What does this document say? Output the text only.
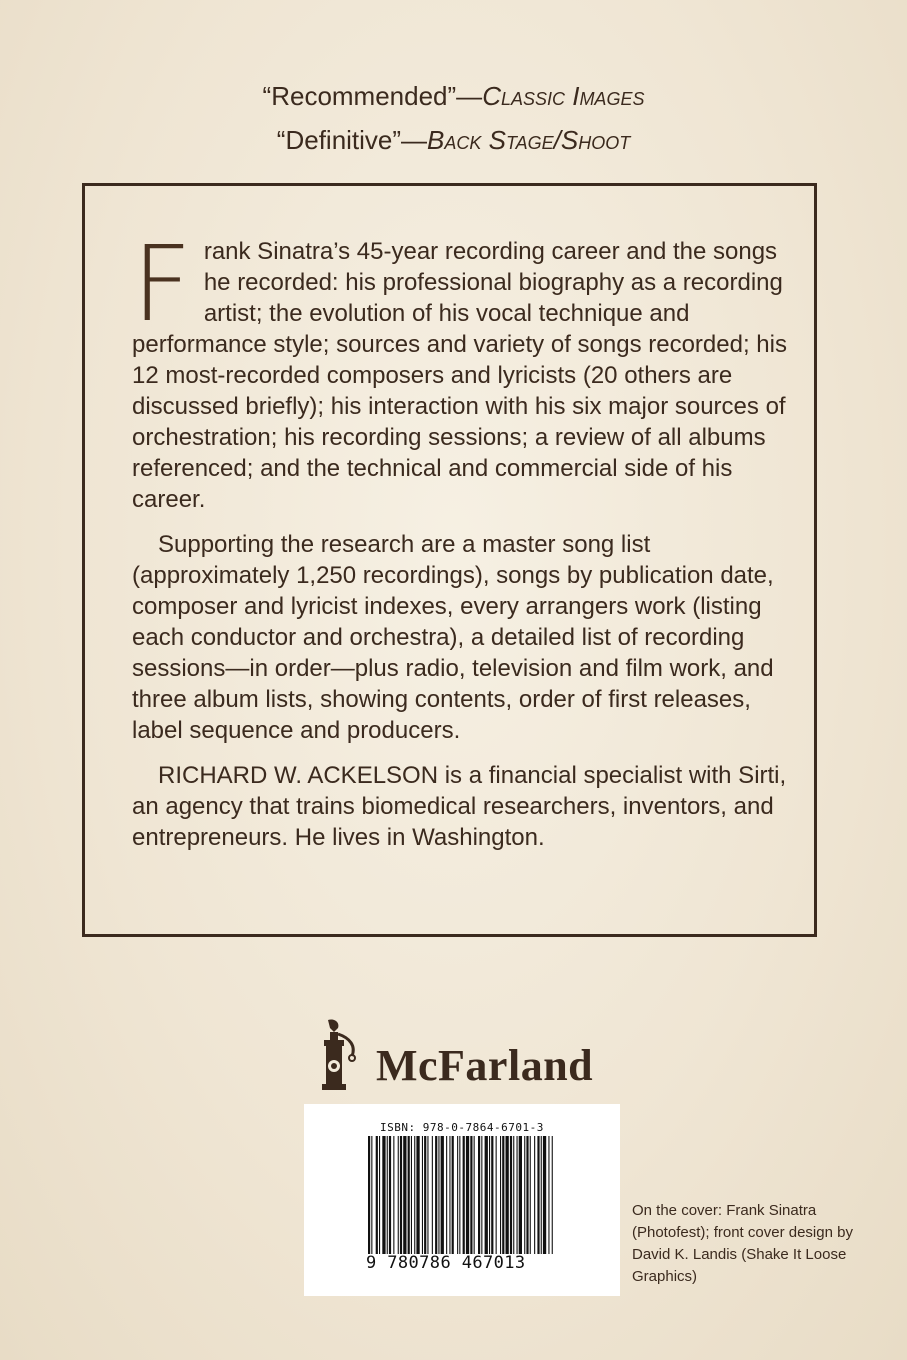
“Recommended”—Classic Images
“Definitive”—Back Stage/Shoot

Frank Sinatra’s 45-year recording career and the songs he recorded: his professional biography as a recording artist; the evolution of his vocal technique and performance style; sources and variety of songs recorded; his 12 most-recorded composers and lyricists (20 others are discussed briefly); his interaction with his six major sources of orchestration; his recording sessions; a review of all albums referenced; and the technical and commercial side of his career.

Supporting the research are a master song list (approximately 1,250 recordings), songs by publication date, composer and lyricist indexes, every arrangers work (listing each conductor and orchestra), a detailed list of recording sessions—in order—plus radio, television and film work, and three album lists, showing contents, order of first releases, label sequence and producers.

RICHARD W. ACKELSON is a financial specialist with Sirti, an agency that trains biomedical researchers, inventors, and entrepreneurs. He lives in Washington.

McFarland
ISBN: 978-0-7864-6701-3
9 780786 467013
On the cover: Frank Sinatra (Photofest); front cover design by David K. Landis (Shake It Loose Graphics)
